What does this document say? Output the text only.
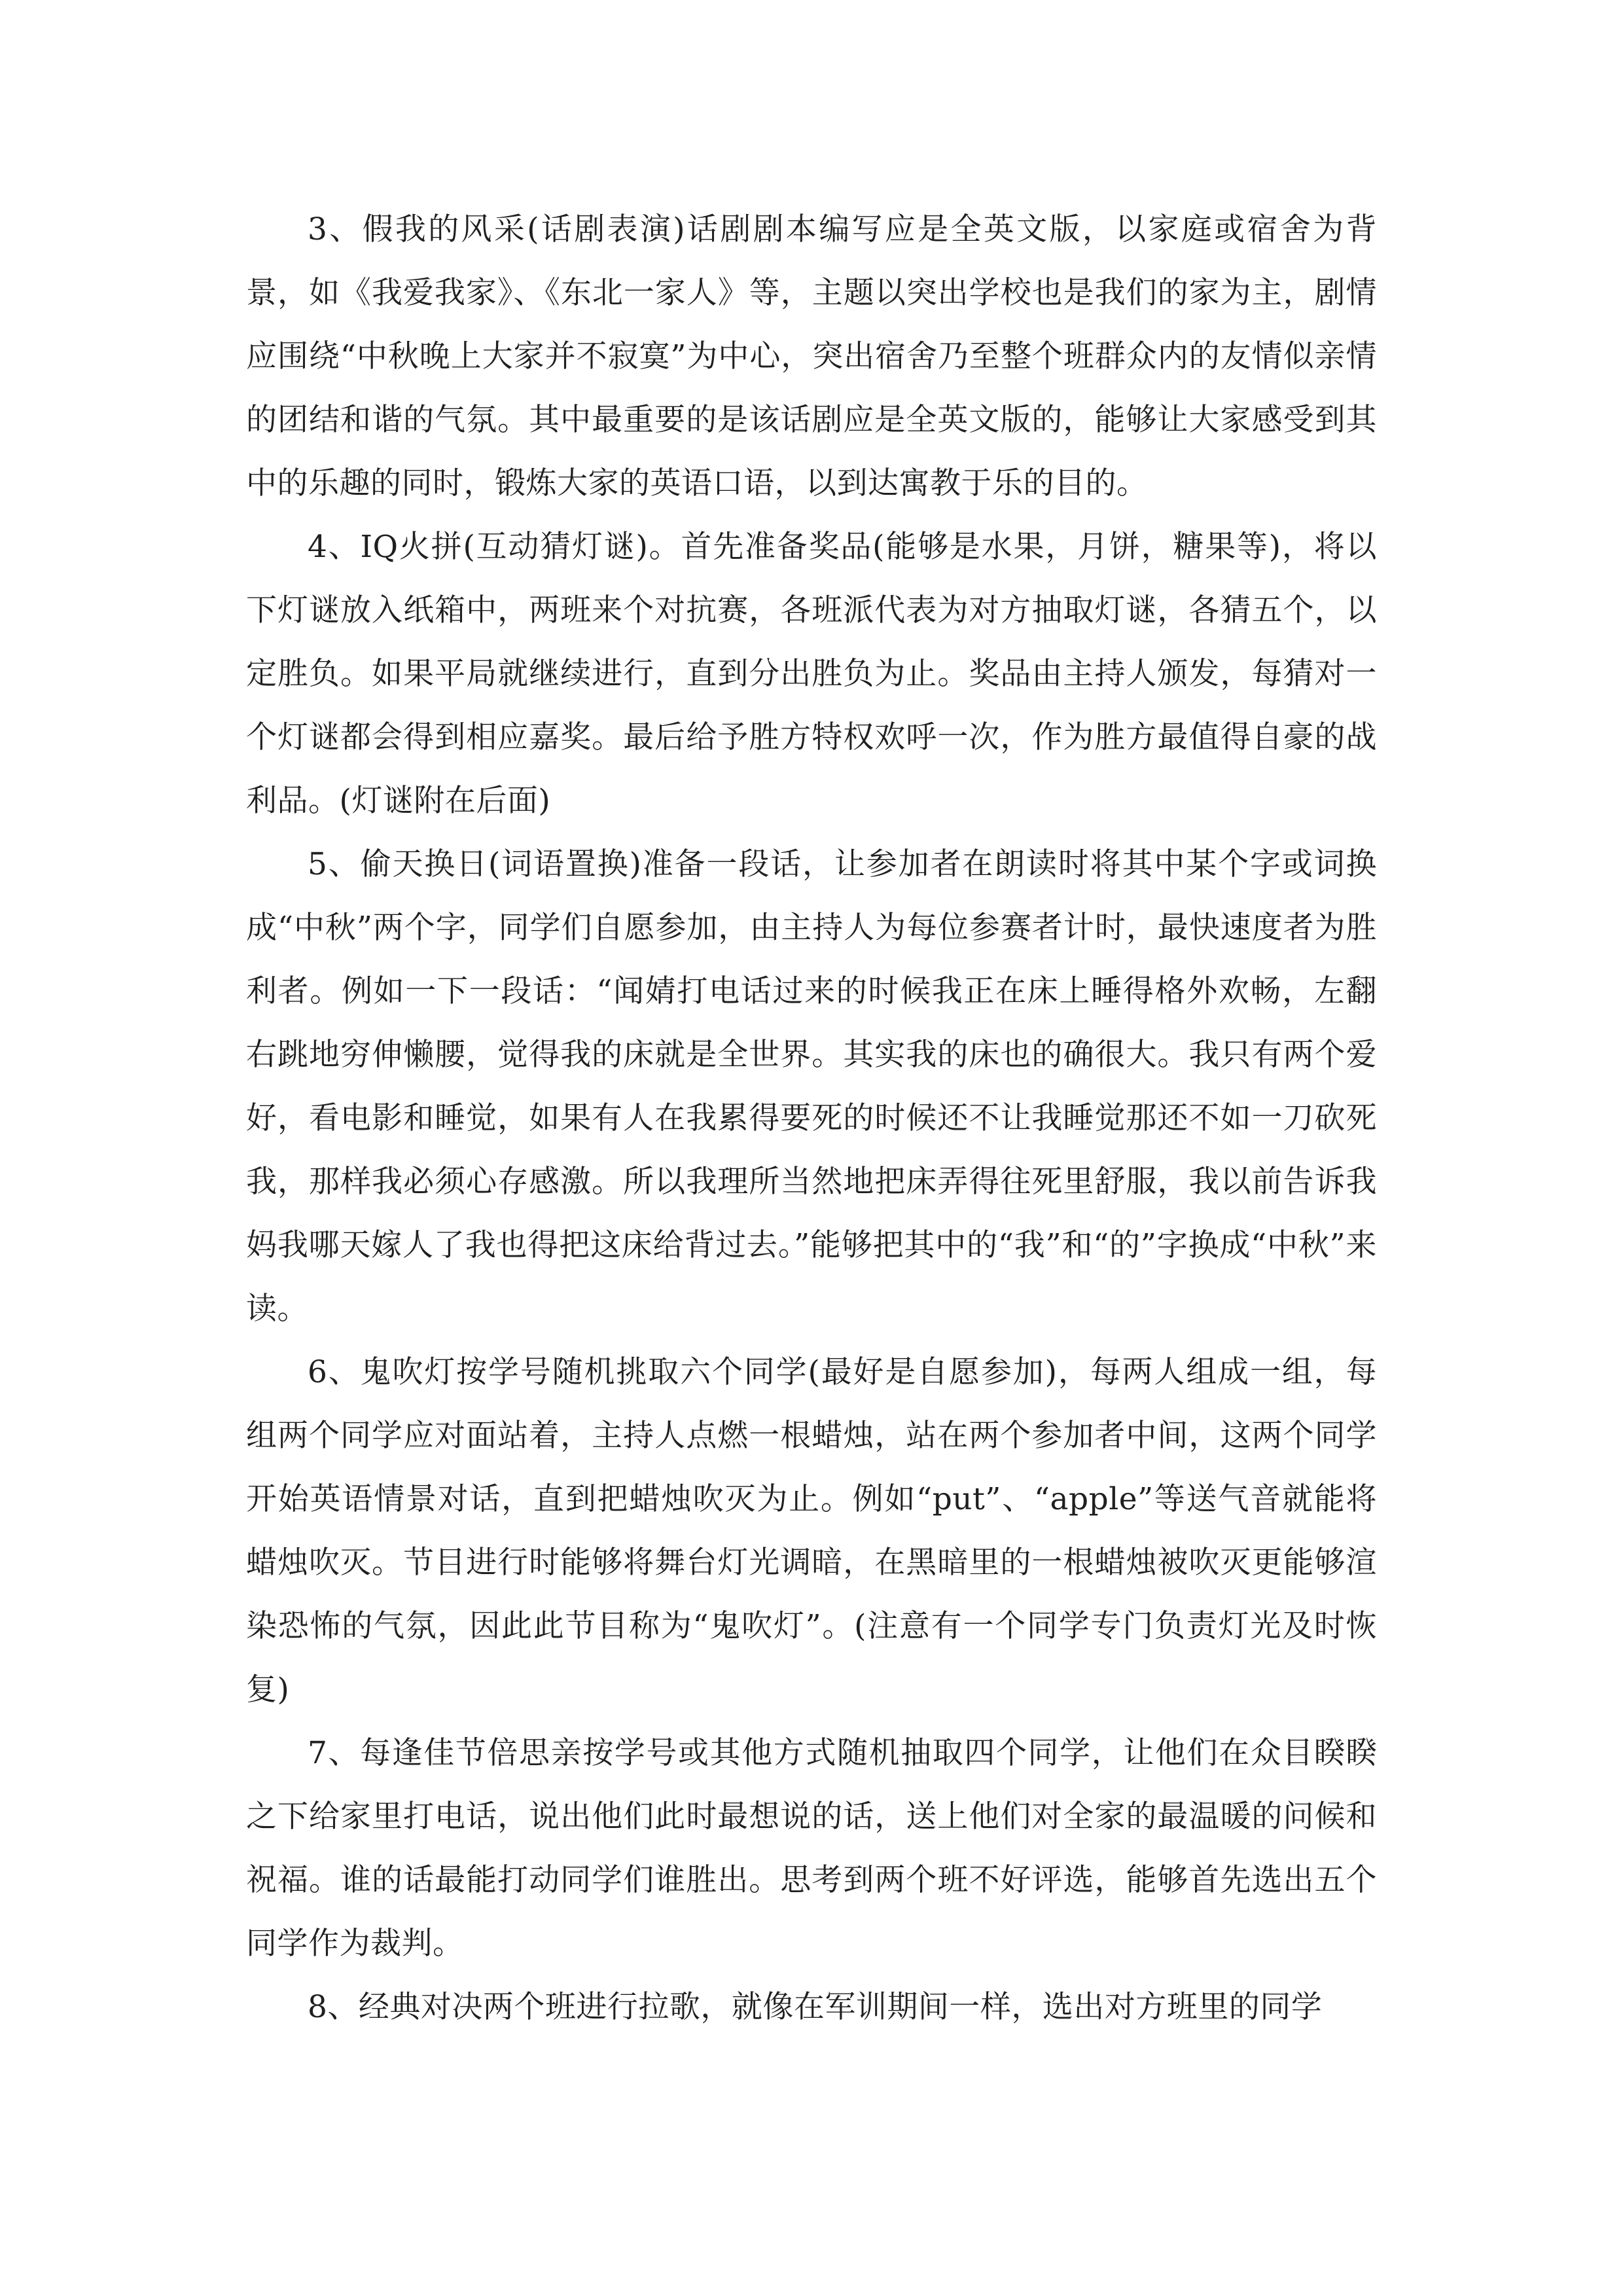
3、假我的风采(话剧表演)话剧剧本编写应是全英文版，以家庭或宿舍为背景，如《我爱我家》、《东北一家人》等，主题以突出学校也是我们的家为主，剧情应围绕“中秋晚上大家并不寂寞”为中心，突出宿舍乃至整个班群众内的友情似亲情的团结和谐的气氛。其中最重要的是该话剧应是全英文版的，能够让大家感受到其中的乐趣的同时，锻炼大家的英语口语，以到达寓教于乐的目的。

4、IQ火拼(互动猜灯谜)。首先准备奖品(能够是水果，月饼，糖果等)，将以下灯谜放入纸箱中，两班来个对抗赛，各班派代表为对方抽取灯谜，各猜五个，以定胜负。如果平局就继续进行，直到分出胜负为止。奖品由主持人颁发，每猜对一个灯谜都会得到相应嘉奖。最后给予胜方特权欢呼一次，作为胜方最值得自豪的战利品。(灯谜附在后面)

5、偷天换日(词语置换)准备一段话，让参加者在朗读时将其中某个字或词换成“中秋”两个字，同学们自愿参加，由主持人为每位参赛者计时，最快速度者为胜利者。例如一下一段话：“闻婧打电话过来的时候我正在床上睡得格外欢畅，左翻右跳地穷伸懒腰，觉得我的床就是全世界。其实我的床也的确很大。我只有两个爱好，看电影和睡觉，如果有人在我累得要死的时候还不让我睡觉那还不如一刀砍死我，那样我必须心存感激。所以我理所当然地把床弄得往死里舒服，我以前告诉我妈我哪天嫁人了我也得把这床给背过去。”能够把其中的“我”和“的”字换成“中秋”来读。

6、鬼吹灯按学号随机挑取六个同学(最好是自愿参加)，每两人组成一组，每组两个同学应对面站着，主持人点燃一根蜡烛，站在两个参加者中间，这两个同学开始英语情景对话，直到把蜡烛吹灭为止。例如“put”、“apple”等送气音就能将蜡烛吹灭。节目进行时能够将舞台灯光调暗，在黑暗里的一根蜡烛被吹灭更能够渲染恐怖的气氛，因此此节目称为“鬼吹灯”。(注意有一个同学专门负责灯光及时恢复)

7、每逢佳节倍思亲按学号或其他方式随机抽取四个同学，让他们在众目睽睽之下给家里打电话，说出他们此时最想说的话，送上他们对全家的最温暖的问候和祝福。谁的话最能打动同学们谁胜出。思考到两个班不好评选，能够首先选出五个同学作为裁判。

8、经典对决两个班进行拉歌，就像在军训期间一样，选出对方班里的同学
